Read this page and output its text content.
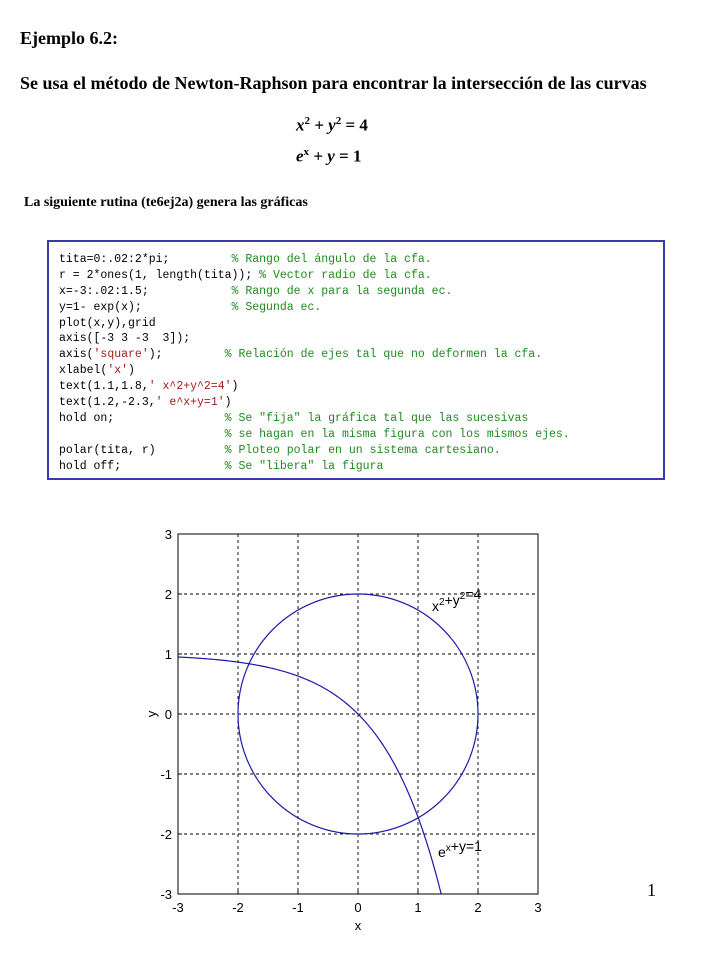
Ejemplo 6.2:
Se usa el método de Newton-Raphson para encontrar la intersección de las curvas
$x^2 + y^2 = 4$
$e^x + y = 1$
La siguiente rutina (te6ej2a) genera las gráficas
tita=0:.02:2*pi;         % Rango del ángulo de la cfa.
r = 2*ones(1, length(tita)); % Vector radio de la cfa.
x=-3:.02:1.5;            % Rango de x para la segunda ec.
y=1- exp(x);             % Segunda ec.
plot(x,y),grid
axis([-3 3 -3  3]);
axis('square');         % Relación de ejes tal que no deformen la cfa.
xlabel('x')
text(1.1,1.8,' x^2+y^2=4')
text(1.2,-2.3,' e^x+y=1')
hold on;                % Se "fija" la gráfica tal que las sucesivas
% se hagan en la misma figura con los mismos ejes.
polar(tita, r)          % Ploteo polar en un sistema cartesiano.
hold off;               % Se "libera" la figura
-3	-2	-1	0	1	2	3
-3
-2
-1
0
1
2
3
x
y
$x^2+y^2=4$
$e^x+y=1$
1
